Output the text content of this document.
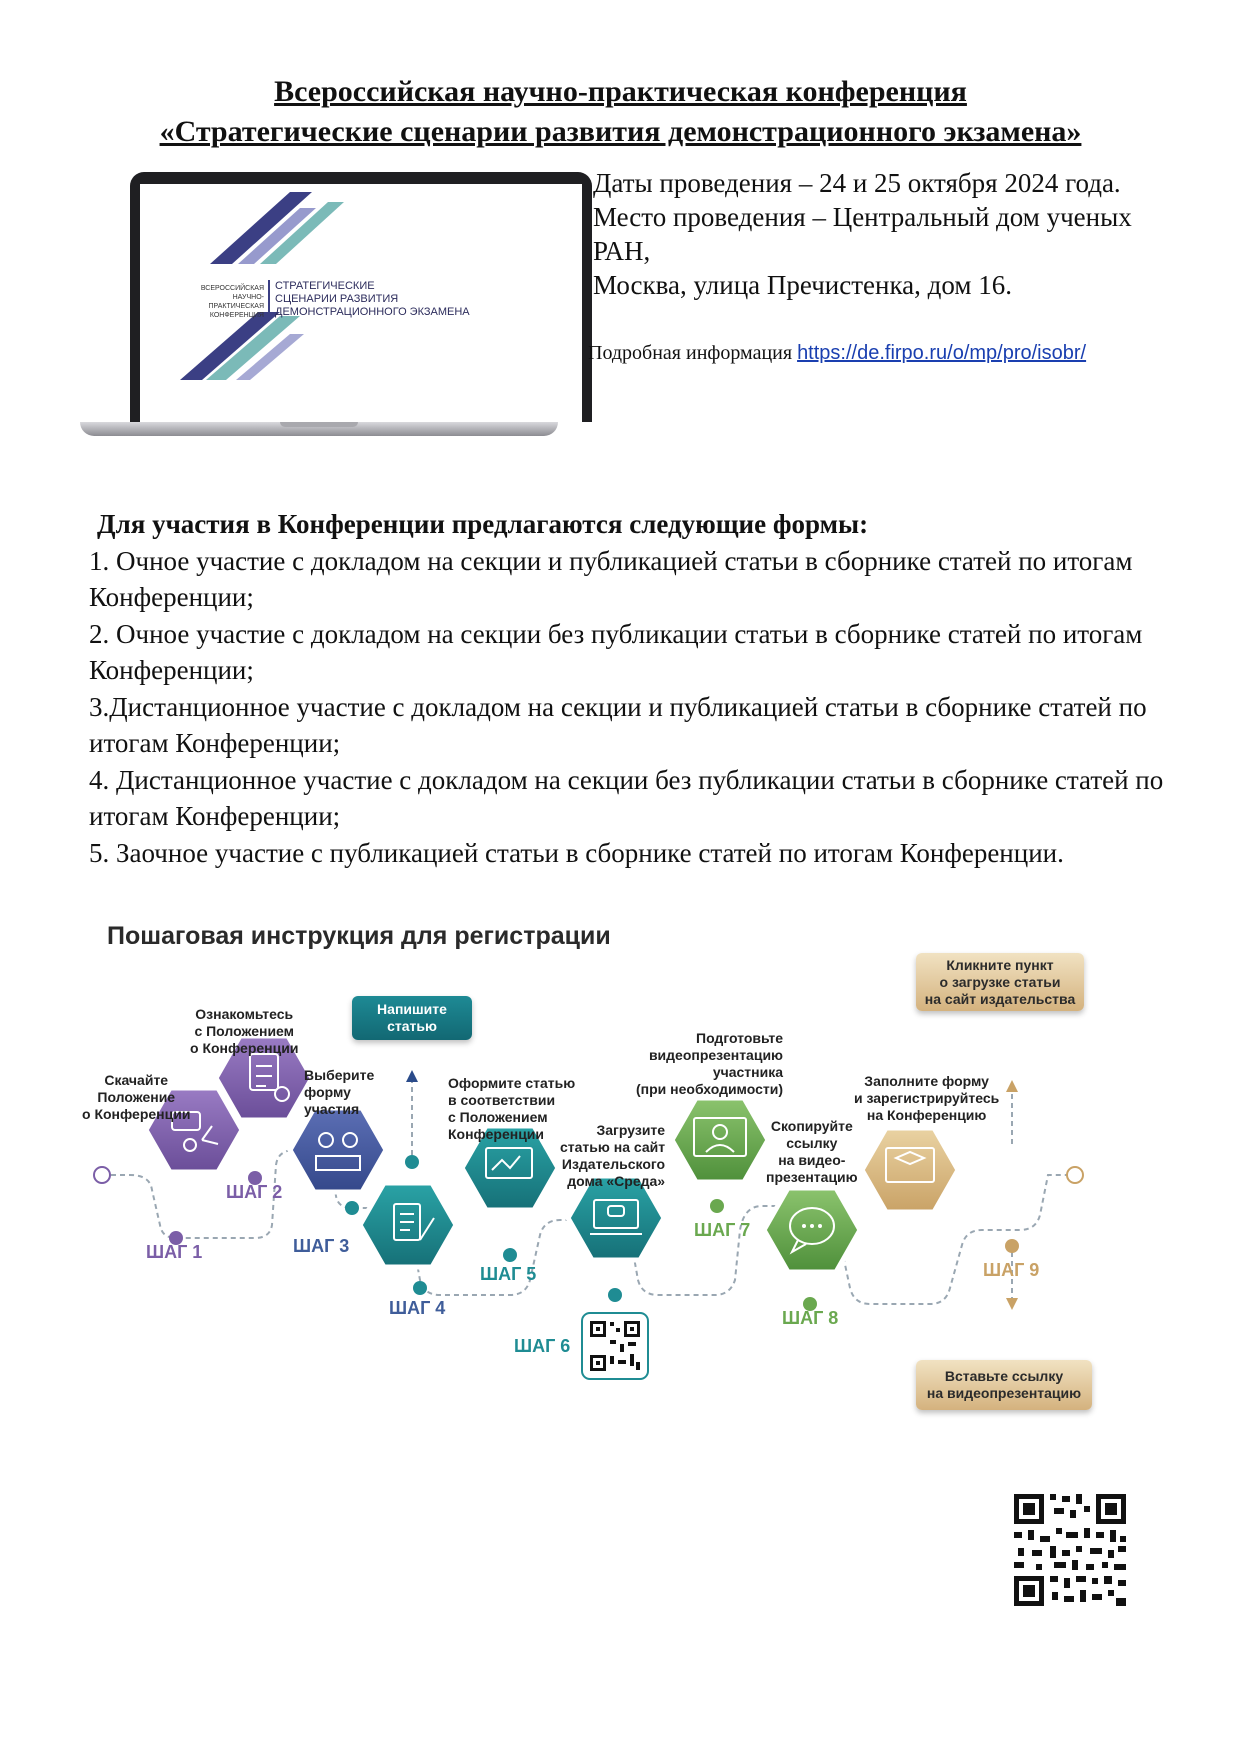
Всероссийская научно-практическая конференция
«Стратегические сценарии развития демонстрационного экзамена»
ВСЕРОССИЙСКАЯ
НАУЧНО-ПРАКТИЧЕСКАЯ
КОНФЕРЕНЦИЯ
СТРАТЕГИЧЕСКИЕ
СЦЕНАРИИ РАЗВИТИЯ
ДЕМОНСТРАЦИОННОГО ЭКЗАМЕНА
Даты проведения – 24 и 25 октября 2024 года.
Место проведения – Центральный дом ученых
РАН,
Москва, улица Пречистенка, дом 16.
Подробная информация https://de.firpo.ru/o/mp/pro/isobr/
Для участия в Конференции предлагаются следующие формы:
1. Очное участие с докладом на секции и публикацией статьи в сборнике статей по итогам Конференции;
2. Очное участие с докладом на секции без публикации статьи в сборнике статей по итогам Конференции;
3.Дистанционное участие с докладом на секции и публикацией статьи в сборнике статей по итогам Конференции;
4. Дистанционное участие с докладом на секции без публикации статьи в сборнике статей по итогам Конференции;
5. Заочное участие с публикацией статьи в сборнике статей по итогам Конференции.
Пошаговая инструкция для регистрации
Скачайте
Положение
о Конференции
Ознакомьтесь
с Положением
о Конференции
Выберите
форму
участия
Оформите статью
в соответствии
с Положением
Конференции	Загрузите
статью на сайт
Издательского
дома «Среда»
Подготовьте
видеопрезентацию
участника
(при необходимости)
Скопируйте
ссылку
на видео-
презентацию
Заполните форму
и зарегистрируйтесь
на Конференцию
ШАГ 1
ШАГ 2
ШАГ 3
ШАГ 4
ШАГ 5
ШАГ 6
ШАГ 7
ШАГ 8
ШАГ 9
Напишите
статью
Кликните пункт
о загрузке статьи
на сайт издательства
Вставьте ссылку
на видеопрезентацию
